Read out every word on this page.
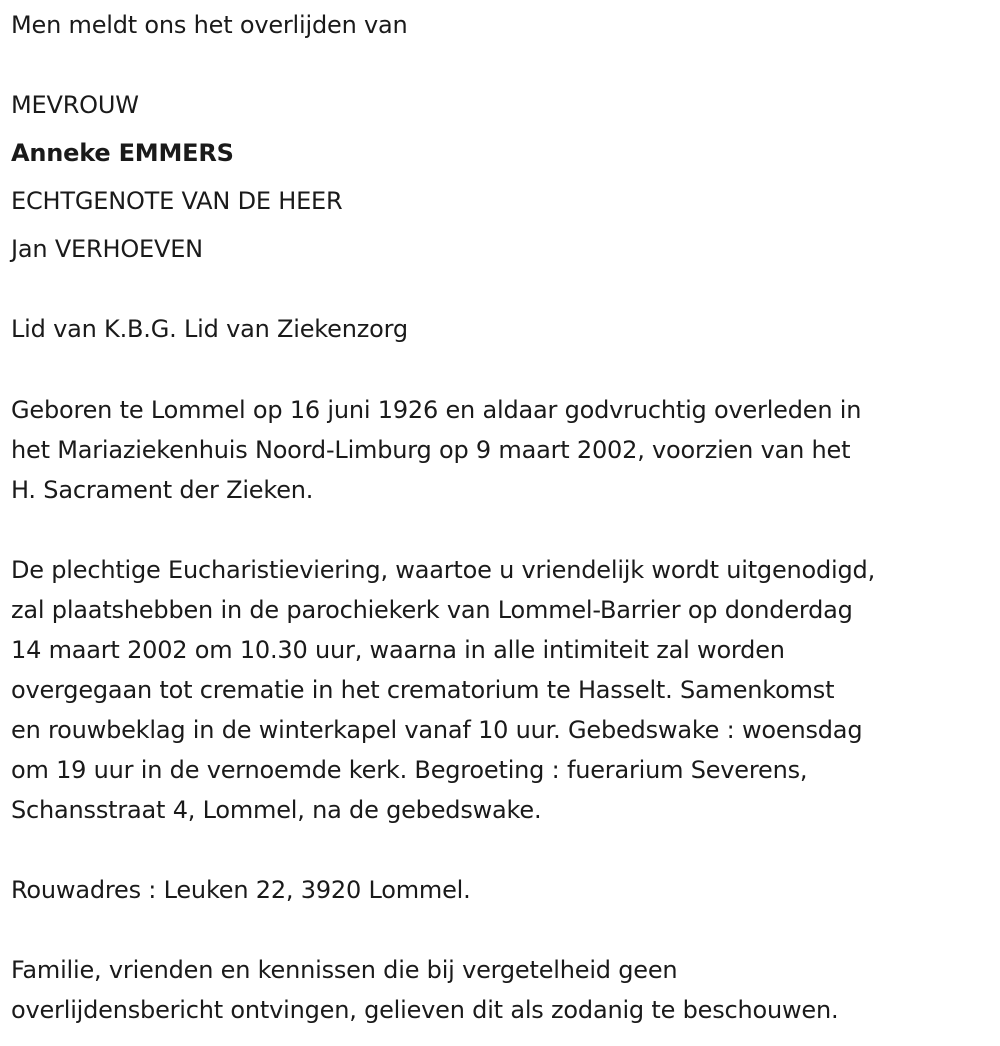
Men meldt ons het overlijden van
MEVROUW
Anneke EMMERS
ECHTGENOTE VAN DE HEER
Jan VERHOEVEN
Lid van K.B.G. Lid van Ziekenzorg
Geboren te Lommel op 16 juni 1926 en aldaar godvruchtig overleden in
het Mariaziekenhuis Noord-Limburg op 9 maart 2002, voorzien van het
H. Sacrament der Zieken.
De plechtige Eucharistieviering, waartoe u vriendelijk wordt uitgenodigd,
zal plaatshebben in de parochiekerk van Lommel-Barrier op donderdag
14 maart 2002 om 10.30 uur, waarna in alle intimiteit zal worden
overgegaan tot crematie in het crematorium te Hasselt. Samenkomst
en rouwbeklag in de winterkapel vanaf 10 uur. Gebedswake : woensdag
om 19 uur in de vernoemde kerk. Begroeting : fuerarium Severens,
Schansstraat 4, Lommel, na de gebedswake.
Rouwadres : Leuken 22, 3920 Lommel.
Familie, vrienden en kennissen die bij vergetelheid geen
overlijdensbericht ontvingen, gelieven dit als zodanig te beschouwen.
